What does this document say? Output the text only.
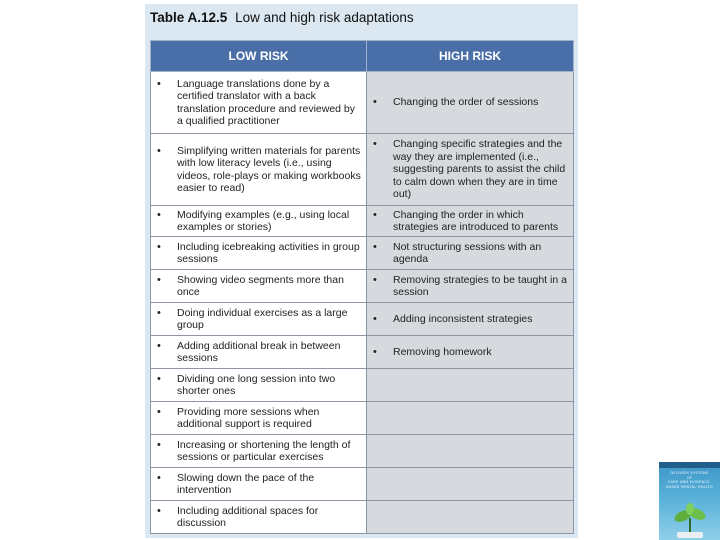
Table A.12.5 Low and high risk adaptations
LOW RISK	HIGH RISK

• Language translations done by a certified translator with a back translation procedure and reviewed by a qualified practitioner	• Changing the order of sessions

• Simplifying written materials for parents with low literacy levels (i.e., using videos, role-plays or making workbooks easier to read)	• Changing specific strategies and the way they are implemented (i.e., suggesting parents to assist the child to calm down when they are in time out)

• Modifying examples (e.g., using local examples or stories)	• Changing the order in which strategies are introduced to parents

• Including icebreaking activities in group sessions	• Not structuring sessions with an agenda

• Showing video segments more than once	• Removing strategies to be taught in a session

• Doing individual exercises as a large group	• Adding inconsistent strategies

• Adding additional break in between sessions	• Removing homework

• Dividing one long session into two shorter ones	

• Providing more sessions when additional support is required	

• Increasing or shortening the length of sessions or particular exercises	

• Slowing down the pace of the intervention	

• Including additional spaces for discussion	

DELIVERY SYSTEMS
OF
CARE AND EVIDENCE-
BASED MENTAL HEALTH
